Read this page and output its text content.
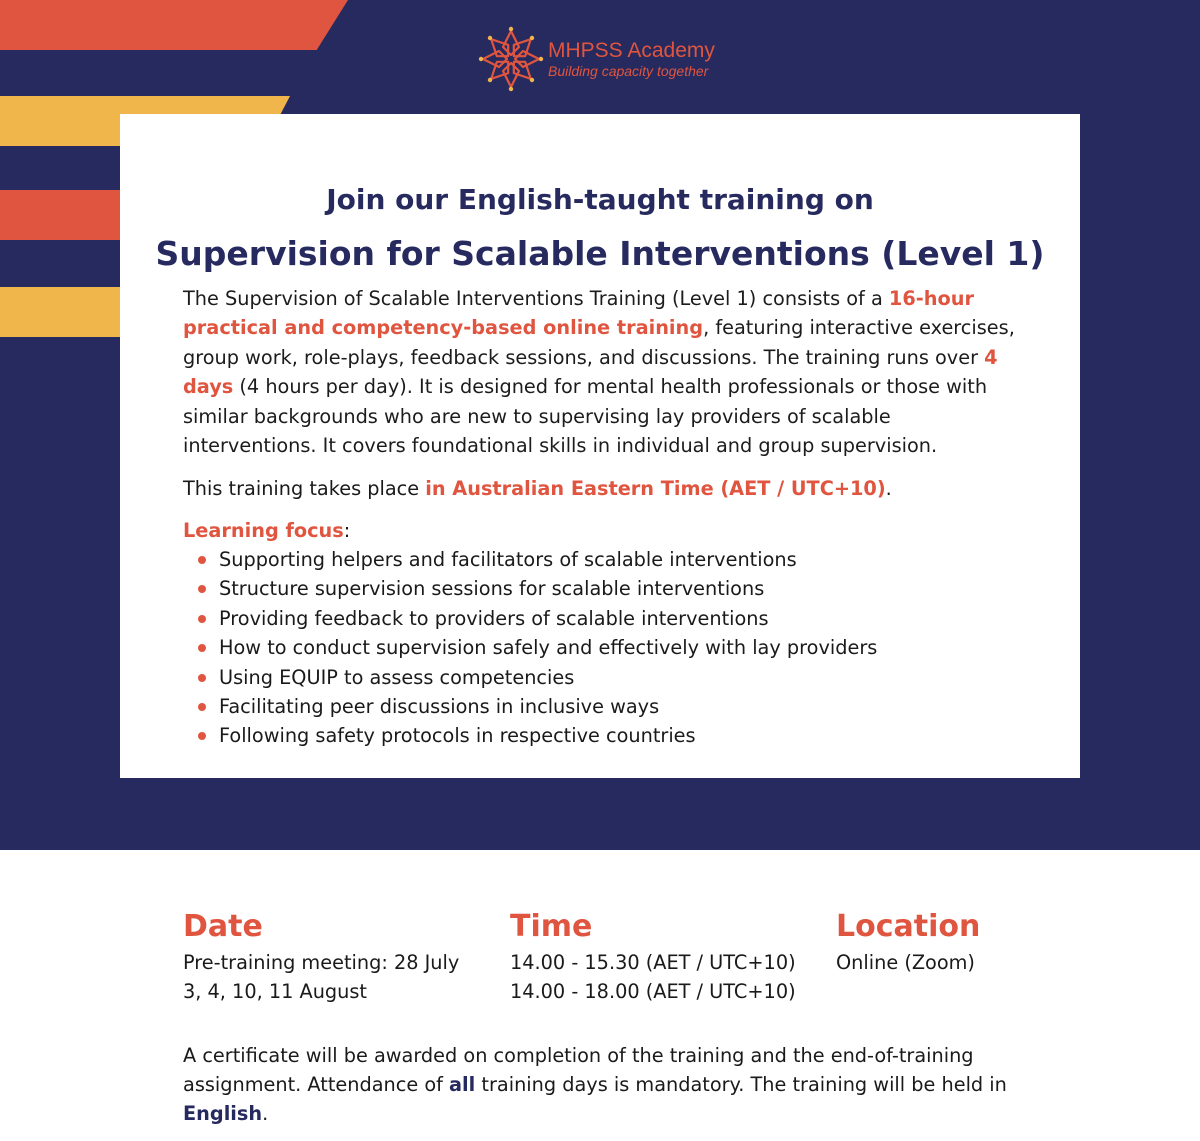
MHPSS Academy
Building capacity together
Join our English-taught training on
Supervision for Scalable Interventions (Level 1)

The Supervision of Scalable Interventions Training (Level 1) consists of a 16-hour practical and competency-based online training, featuring interactive exercises, group work, role-plays, feedback sessions, and discussions. The training runs over 4 days (4 hours per day). It is designed for mental health professionals or those with similar backgrounds who are new to supervising lay providers of scalable interventions. It covers foundational skills in individual and group supervision.

This training takes place in Australian Eastern Time (AET / UTC+10).

Learning focus:

Supporting helpers and facilitators of scalable interventions
Structure supervision sessions for scalable interventions
Providing feedback to providers of scalable interventions
How to conduct supervision safely and effectively with lay providers
Using EQUIP to assess competencies
Facilitating peer discussions in inclusive ways
Following safety protocols in respective countries
Date

Pre-training meeting: 28 July

3, 4, 10, 11 August

Time

14.00 - 15.30 (AET / UTC+10)

14.00 - 18.00 (AET / UTC+10)

Location

Online (Zoom)

A certificate will be awarded on completion of the training and the end-of-training assignment. Attendance of all training days is mandatory. The training will be held in English.
